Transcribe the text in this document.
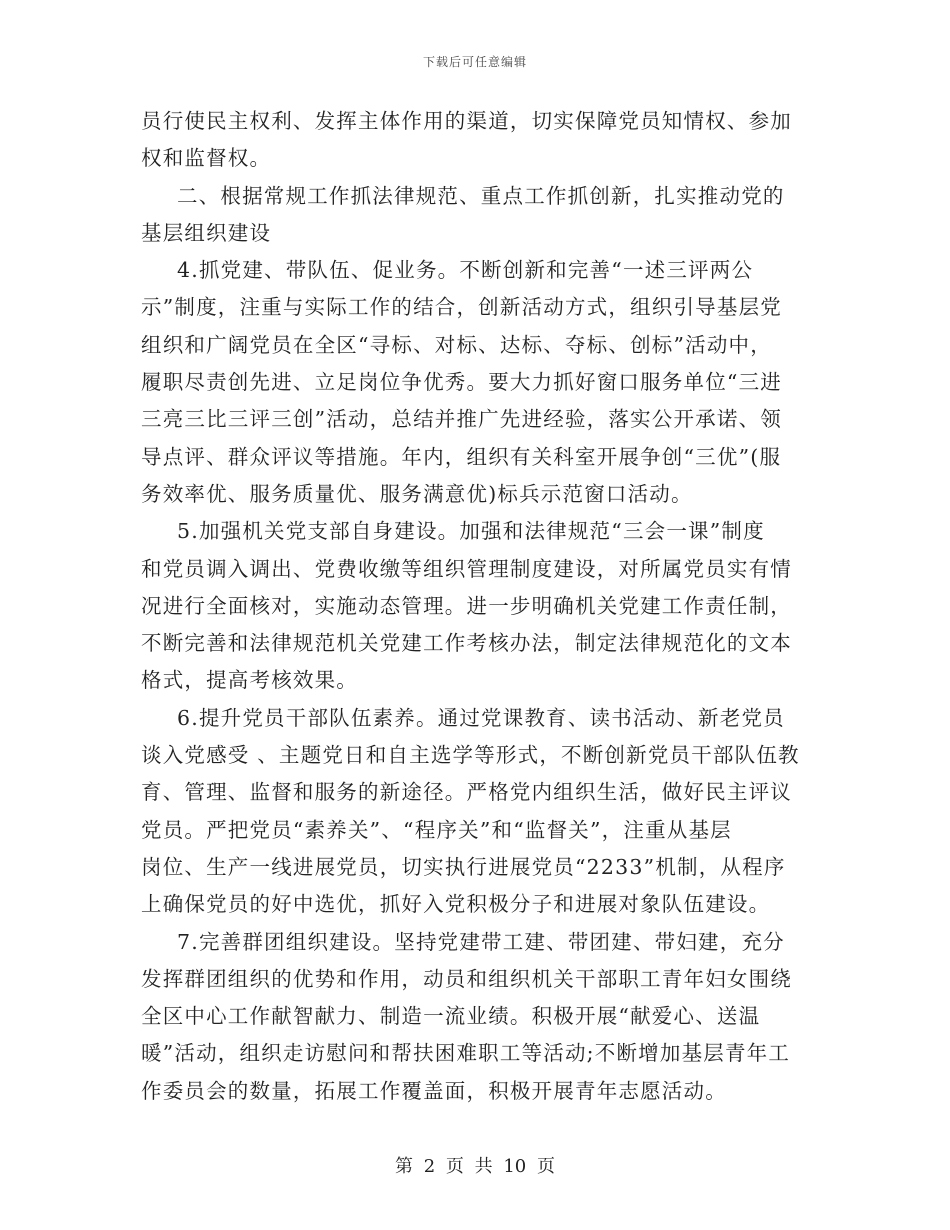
下载后可任意编辑
员行使民主权利、发挥主体作用的渠道，切实保障党员知情权、参加
权和监督权。
二、根据常规工作抓法律规范、重点工作抓创新，扎实推动党的
基层组织建设
4.抓党建、带队伍、促业务。不断创新和完善“一述三评两公
示”制度，注重与实际工作的结合，创新活动方式，组织引导基层党
组织和广阔党员在全区“寻标、对标、达标、夺标、创标”活动中，
履职尽责创先进、立足岗位争优秀。要大力抓好窗口服务单位“三进
三亮三比三评三创”活动，总结并推广先进经验，落实公开承诺、领
导点评、群众评议等措施。年内，组织有关科室开展争创“三优”(服
务效率优、服务质量优、服务满意优)标兵示范窗口活动。
5.加强机关党支部自身建设。加强和法律规范“三会一课”制度
和党员调入调出、党费收缴等组织管理制度建设，对所属党员实有情
况进行全面核对，实施动态管理。进一步明确机关党建工作责任制，
不断完善和法律规范机关党建工作考核办法，制定法律规范化的文本
格式，提高考核效果。
6.提升党员干部队伍素养。通过党课教育、读书活动、新老党员
谈入党感受 、主题党日和自主选学等形式，不断创新党员干部队伍教
育、管理、监督和服务的新途径。严格党内组织生活，做好民主评议
党员。严把党员“素养关”、“程序关”和“监督关”，注重从基层
岗位、生产一线进展党员，切实执行进展党员“2233”机制，从程序
上确保党员的好中选优，抓好入党积极分子和进展对象队伍建设。
7.完善群团组织建设。坚持党建带工建、带团建、带妇建，充分
发挥群团组织的优势和作用，动员和组织机关干部职工青年妇女围绕
全区中心工作献智献力、制造一流业绩。积极开展“献爱心、送温
暖”活动，组织走访慰问和帮扶困难职工等活动;不断增加基层青年工
作委员会的数量，拓展工作覆盖面，积极开展青年志愿活动。
第 2 页 共 10 页
